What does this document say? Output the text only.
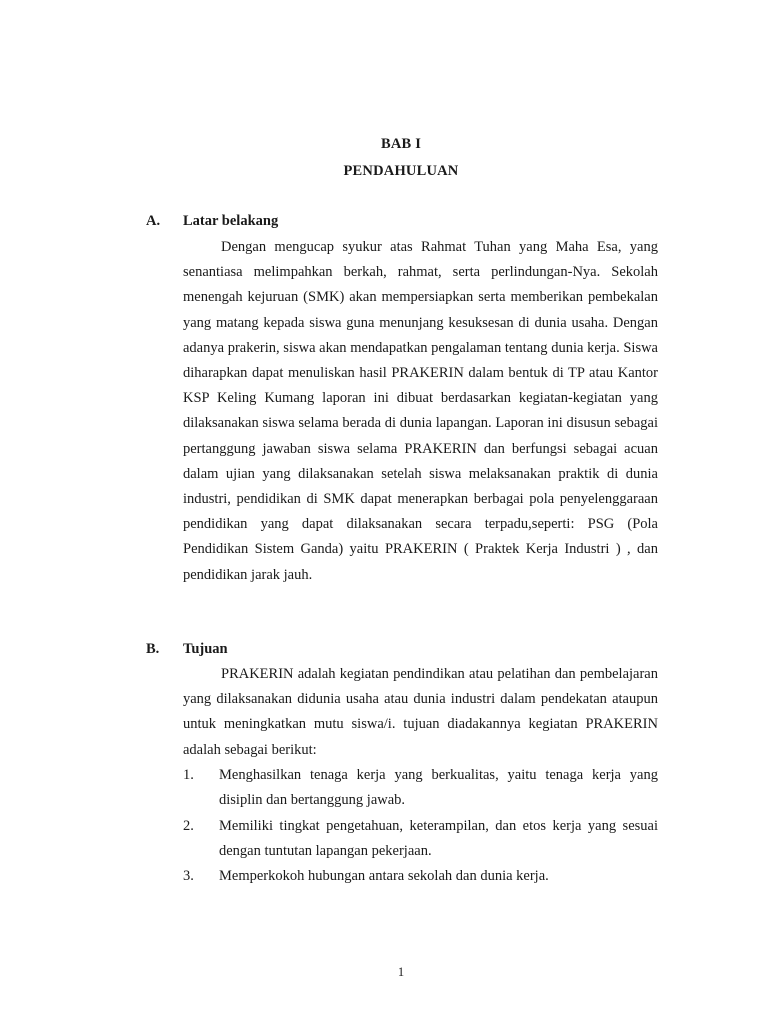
BAB I
PENDAHULUAN
A. Latar belakang

Dengan mengucap syukur atas Rahmat Tuhan yang Maha Esa, yang senantiasa melimpahkan berkah, rahmat, serta perlindungan-Nya. Sekolah menengah kejuruan (SMK) akan mempersiapkan serta memberikan pembekalan yang matang kepada siswa guna menunjang kesuksesan di dunia usaha. Dengan adanya prakerin, siswa akan mendapatkan pengalaman tentang dunia kerja. Siswa diharapkan dapat menuliskan hasil PRAKERIN dalam bentuk di TP atau Kantor KSP Keling Kumang laporan ini dibuat berdasarkan kegiatan-kegiatan yang dilaksanakan siswa selama berada di dunia lapangan. Laporan ini disusun sebagai pertanggung jawaban siswa selama PRAKERIN dan berfungsi sebagai acuan dalam ujian yang dilaksanakan setelah siswa melaksanakan praktik di dunia industri, pendidikan di SMK dapat menerapkan berbagai pola penyelenggaraan pendidikan yang dapat dilaksanakan secara terpadu,seperti: PSG (Pola Pendidikan Sistem Ganda) yaitu PRAKERIN ( Praktek Kerja Industri ) , dan pendidikan jarak jauh.

B. Tujuan

PRAKERIN adalah kegiatan pendindikan atau pelatihan dan pembelajaran yang dilaksanakan didunia usaha atau dunia industri dalam pendekatan ataupun untuk meningkatkan mutu siswa/i. tujuan diadakannya kegiatan PRAKERIN adalah sebagai berikut:

1. Menghasilkan tenaga kerja yang berkualitas, yaitu tenaga kerja yang disiplin dan bertanggung jawab.

2. Memiliki tingkat pengetahuan, keterampilan, dan etos kerja yang sesuai dengan tuntutan lapangan pekerjaan.

3. Memperkokoh hubungan antara sekolah dan dunia kerja.

1
